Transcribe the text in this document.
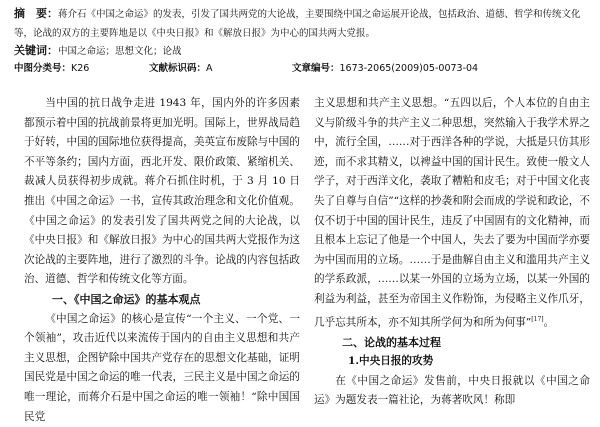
摘　要：蒋介石《中国之命运》的发表，引发了国共两党的大论战，主要围绕中国之命运展开论战，包括政治、道德、哲学和传统文化等，论战的双方的主要阵地是以《中央日报》和《解放日报》为中心的国共两大党报。
关键词：中国之命运；思想文化；论战
中图分类号：K26	文献标识码：A	文章编号：1673-2065(2009)05-0073-04

当中国的抗日战争走进 1943 年，国内外的许多因素都预示着中国的抗战前景将更加光明。国际上，世界战局趋于好转，中国的国际地位获得提高，美英宣布废除与中国的不平等条约；国内方面，西北开发、限价政策、紧缩机关、裁减人员获得初步成就。蒋介石抓住时机，于 3 月 10 日推出《中国之命运》一书，宣传其政治理念和文化价值观。《中国之命运》的发表引发了国共两党之间的大论战，以《中央日报》和《解放日报》为中心的国共两大党报作为这次论战的主要阵地，进行了激烈的斗争。论战的内容包括政治、道德、哲学和传统文化等方面。

一、《中国之命运》的基本观点

《中国之命运》的核心是宣传“一个主义、一个党、一个领袖”，攻击近代以来流传于国内的自由主义思想和共产主义思想，企图铲除中国共产党存在的思想文化基础，证明国民党是中国之命运的唯一代表，三民主义是中国之命运的唯一理论，而蒋介石是中国之命运的唯一领袖！“除中国国民党

主义思想和共产主义思想。“五四以后，个人本位的自由主义与阶级斗争的共产主义二种思想，突然输入于我学术界之中，流行全国，……对于西洋各种的学说，大抵是只仿其形迹，而不求其精义，以裨益中国的国计民生。致使一般文人学子，对于西洋文化，袭取了糟粕和皮毛；对于中国文化丧失了自尊与自信”“这样的抄袭和附会而成的学说和政论，不仅不切于中国的国计民生，违反了中国固有的文化精神，而且根本上忘记了他是一个中国人，失去了要为中国而学亦要为中国而用的立场。……于是曲解自由主义和滥用共产主义的学系政派，……以某一外国的立场为立场，以某一外国的利益为利益，甚至为帝国主义作粉饰，为侵略主义作爪牙，几乎忘其所本，亦不知其所学何为和所为何事”[17]。

二、论战的基本过程
1.中央日报的攻势

在《中国之命运》发售前，中央日报就以《中国之命运》为题发表一篇社论，为蒋著吹风！称即
